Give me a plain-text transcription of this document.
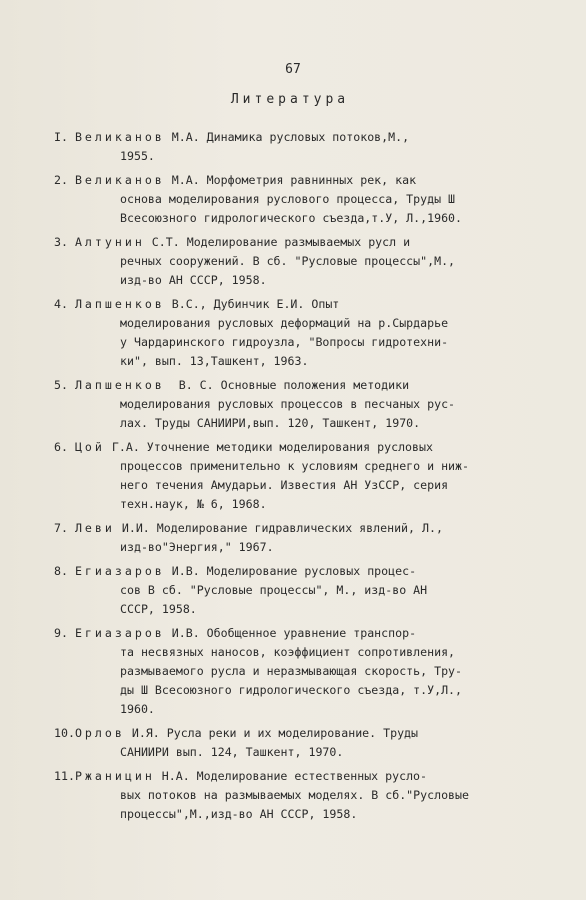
67
Литература
I. Великанов М.А. Динамика русловых потоков,М.,
1955.
2. Великанов М.А. Морфометрия равнинных рек, как
основа моделирования руслового процесса, Труды Ш
Всесоюзного гидрологического съезда,т.У, Л.,1960.
3. Алтунин С.Т. Моделирование размываемых русл и
речных сооружений. В сб. "Русловые процессы",М.,
изд-во АН СССР, 1958.
4. Лапшенков В.С., Дубинчик Е.И. Опыт
моделирования русловых деформаций на р.Сырдарье
у Чардаринского гидроузла, "Вопросы гидротехни-
ки", вып. 13,Ташкент, 1963.
5. Лапшенков  В. С. Основные положения методики
моделирования русловых процессов в песчаных рус-
лах. Труды САНИИРИ,вып. 120, Ташкент, 1970.
6. Цой Г.А. Уточнение методики моделирования русловых
процессов применительно к условиям среднего и ниж-
него течения Амударьи. Известия АН УзССР, серия
техн.наук, № 6, 1968.
7. Леви И.И. Моделирование гидравлических явлений, Л.,
изд-во"Энергия," 1967.
8. Егиазаров И.В. Моделирование русловых процес-
сов В сб. "Русловые процессы", М., изд-во АН
СССР, 1958.
9. Егиазаров И.В. Обобщенное уравнение транспор-
та несвязных наносов, коэффициент сопротивления,
размываемого русла и неразмывающая скорость, Тру-
ды Ш Всесоюзного гидрологического съезда, т.У,Л.,
1960.
10.Орлов И.Я. Русла реки и их моделирование. Труды
САНИИРИ вып. 124, Ташкент, 1970.
11.Ржаницин Н.А. Моделирование естественных руслo-
вых потоков на размываемых моделях. В сб."Русловые
процессы",М.,изд-во АН СССР, 1958.
